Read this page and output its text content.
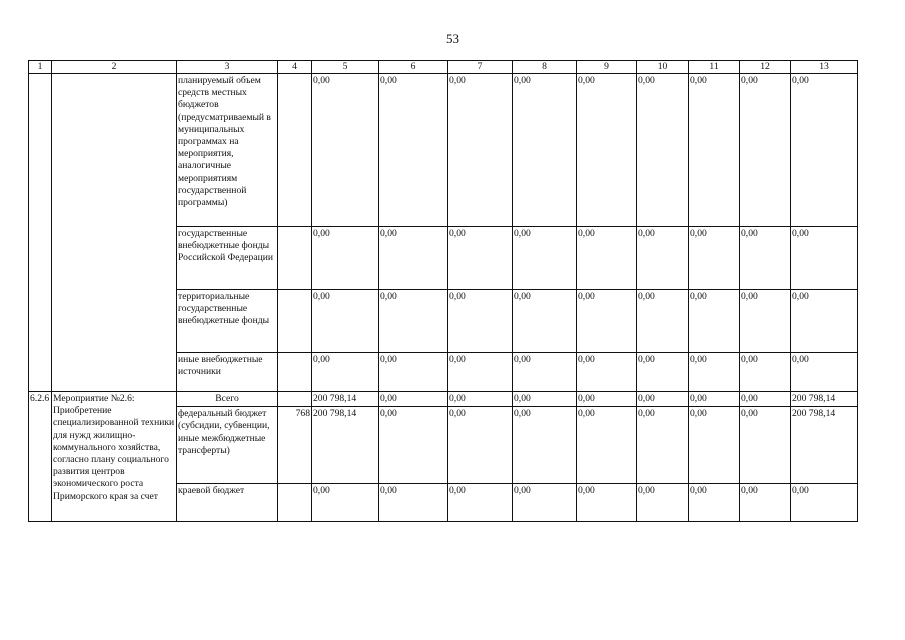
53
1	2	3	4	5	6	7	8	9	10	11	12	13
		планируемый объем средств местных бюджетов (предусматриваемый в муниципальных программах на мероприятия, аналогичные мероприятиям государственной программы)		0,00	0,00	0,00	0,00	0,00	0,00	0,00	0,00	0,00
		государственные внебюджетные фонды Российской Федерации		0,00	0,00	0,00	0,00	0,00	0,00	0,00	0,00	0,00
		территориальные государственные внебюджетные фонды		0,00	0,00	0,00	0,00	0,00	0,00	0,00	0,00	0,00
		иные внебюджетные источники		0,00	0,00	0,00	0,00	0,00	0,00	0,00	0,00	0,00
6.2.6	Мероприятие №2.6:
Приобретение специализированной техники для нужд жилищно-коммунального хозяйства, согласно плану социального развития центров экономического роста Приморского края за счет	Всего		200 798,14	0,00	0,00	0,00	0,00	0,00	0,00	0,00	200 798,14
		федеральный бюджет (субсидии, субвенции, иные межбюджетные трансферты)	768	200 798,14	0,00	0,00	0,00	0,00	0,00	0,00	0,00	200 798,14
		краевой бюджет		0,00	0,00	0,00	0,00	0,00	0,00	0,00	0,00	0,00
